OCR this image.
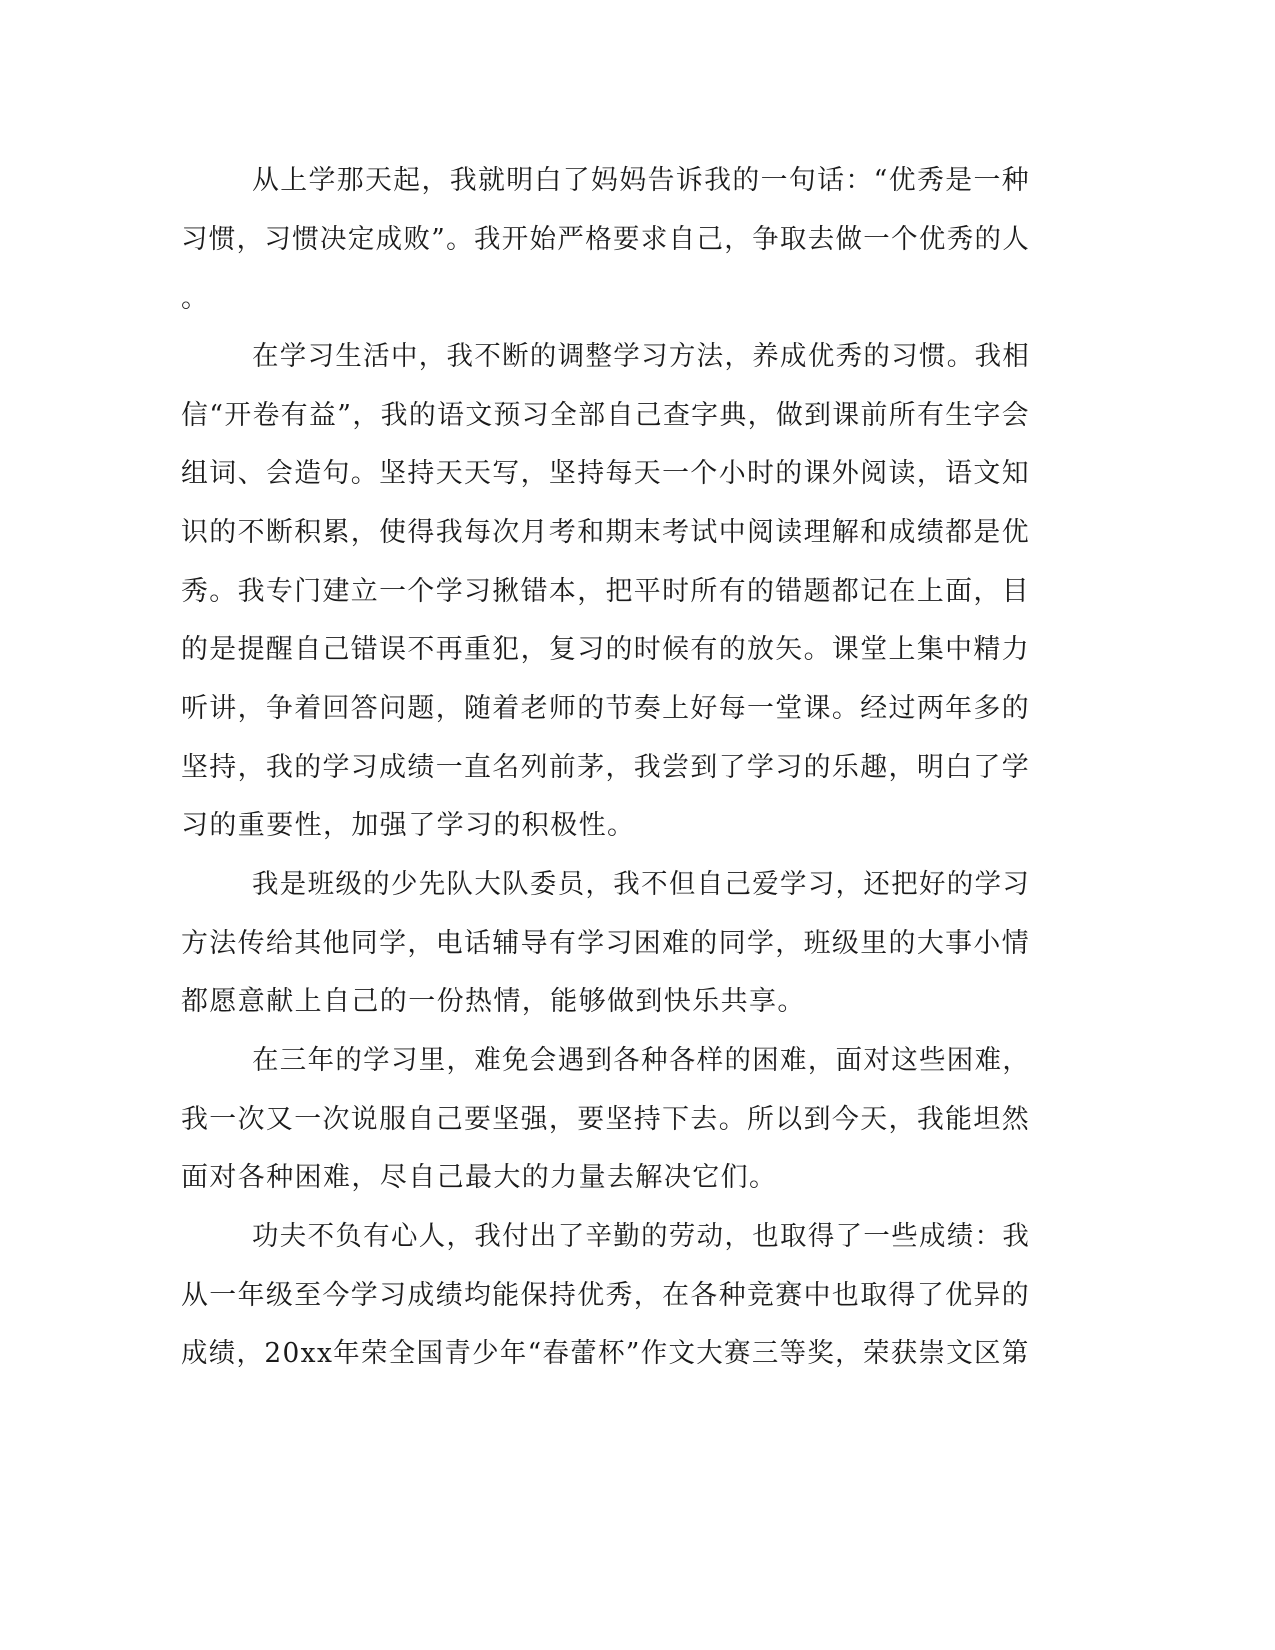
从上学那天起，我就明白了妈妈告诉我的一句话：“优秀是一种
习惯，习惯决定成败”。我开始严格要求自己，争取去做一个优秀的人
。
在学习生活中，我不断的调整学习方法，养成优秀的习惯。我相
信“开卷有益”，我的语文预习全部自己查字典，做到课前所有生字会
组词、会造句。坚持天天写，坚持每天一个小时的课外阅读，语文知
识的不断积累，使得我每次月考和期末考试中阅读理解和成绩都是优
秀。我专门建立一个学习揪错本，把平时所有的错题都记在上面，目
的是提醒自己错误不再重犯，复习的时候有的放矢。课堂上集中精力
听讲，争着回答问题，随着老师的节奏上好每一堂课。经过两年多的
坚持，我的学习成绩一直名列前茅，我尝到了学习的乐趣，明白了学
习的重要性，加强了学习的积极性。
我是班级的少先队大队委员，我不但自己爱学习，还把好的学习
方法传给其他同学，电话辅导有学习困难的同学，班级里的大事小情
都愿意献上自己的一份热情，能够做到快乐共享。
在三年的学习里，难免会遇到各种各样的困难，面对这些困难，
我一次又一次说服自己要坚强，要坚持下去。所以到今天，我能坦然
面对各种困难，尽自己最大的力量去解决它们。
功夫不负有心人，我付出了辛勤的劳动，也取得了一些成绩：我
从一年级至今学习成绩均能保持优秀，在各种竞赛中也取得了优异的
成绩，20xx年荣全国青少年“春蕾杯”作文大赛三等奖，荣获崇文区第
